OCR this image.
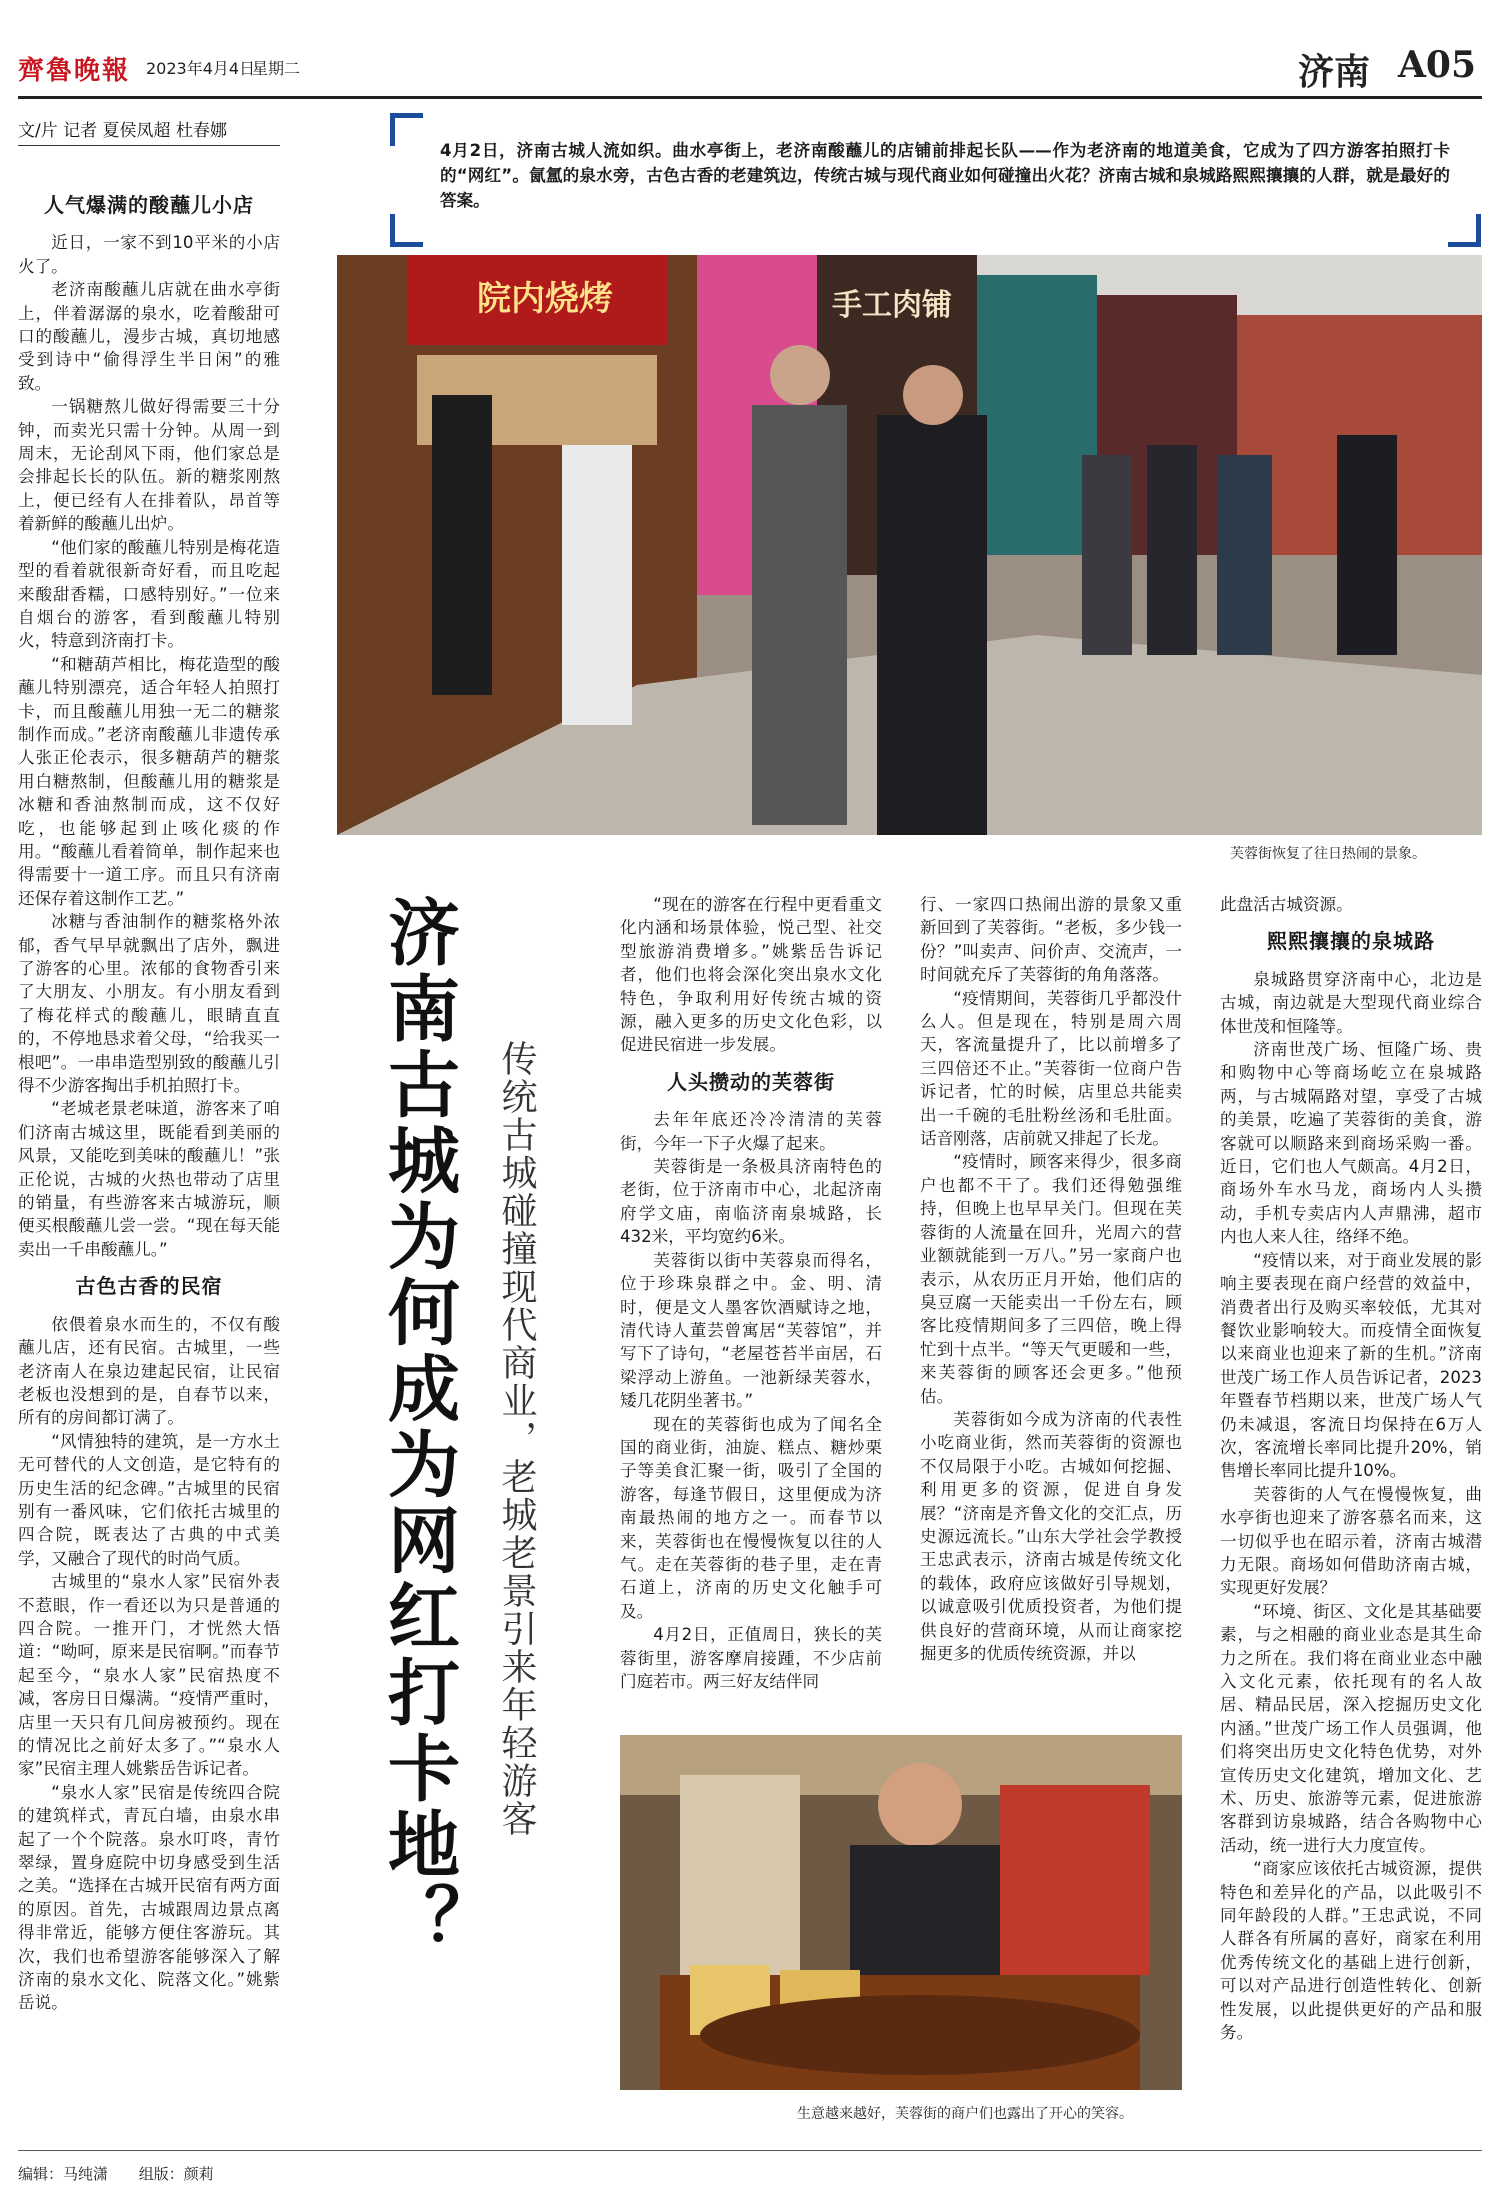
齊魯晚報 2023年4月4日
星期二	济南 A05
文/片 记者 夏侯凤超 杜春娜
4月2日，济南古城人流如织。曲水亭街上，老济南酸蘸儿的店铺前排起长队——作为老济南的地道美食，它成为了四方游客拍照打卡的“网红”。氤氲的泉水旁，古色古香的老建筑边，传统古城与现代商业如何碰撞出火花？济南古城和泉城路熙熙攘攘的人群，就是最好的答案。
院内烧烤	手工肉铺
芙蓉街恢复了往日热闹的景象。
济南古城为何成为网红打卡地？ 传统古城碰撞现代商业，老城老景引来年轻游客
人气爆满的酸蘸儿小店

近日，一家不到10平米的小店火了。

老济南酸蘸儿店就在曲水亭街上，伴着潺潺的泉水，吃着酸甜可口的酸蘸儿，漫步古城，真切地感受到诗中“偷得浮生半日闲”的雅致。

一锅糖熬儿做好得需要三十分钟，而卖光只需十分钟。从周一到周末，无论刮风下雨，他们家总是会排起长长的队伍。新的糖浆刚熬上，便已经有人在排着队，昂首等着新鲜的酸蘸儿出炉。

“他们家的酸蘸儿特别是梅花造型的看着就很新奇好看，而且吃起来酸甜香糯，口感特别好。”一位来自烟台的游客，看到酸蘸儿特别火，特意到济南打卡。

“和糖葫芦相比，梅花造型的酸蘸儿特别漂亮，适合年轻人拍照打卡，而且酸蘸儿用独一无二的糖浆制作而成。”老济南酸蘸儿非遗传承人张正伦表示，很多糖葫芦的糖浆用白糖熬制，但酸蘸儿用的糖浆是冰糖和香油熬制而成，这不仅好吃，也能够起到止咳化痰的作用。“酸蘸儿看着简单，制作起来也得需要十一道工序。而且只有济南还保存着这制作工艺。”

冰糖与香油制作的糖浆格外浓郁，香气早早就飘出了店外，飘进了游客的心里。浓郁的食物香引来了大朋友、小朋友。有小朋友看到了梅花样式的酸蘸儿，眼睛直直的，不停地恳求着父母，“给我买一根吧”。一串串造型别致的酸蘸儿引得不少游客掏出手机拍照打卡。

“老城老景老味道，游客来了咱们济南古城这里，既能看到美丽的风景，又能吃到美味的酸蘸儿！”张正伦说，古城的火热也带动了店里的销量，有些游客来古城游玩，顺便买根酸蘸儿尝一尝。“现在每天能卖出一千串酸蘸儿。”

古色古香的民宿

依偎着泉水而生的，不仅有酸蘸儿店，还有民宿。古城里，一些老济南人在泉边建起民宿，让民宿老板也没想到的是，自春节以来，所有的房间都订满了。

“风情独特的建筑，是一方水土无可替代的人文创造，是它特有的历史生活的纪念碑。”古城里的民宿别有一番风味，它们依托古城里的四合院，既表达了古典的中式美学，又融合了现代的时尚气质。

古城里的“泉水人家”民宿外表不惹眼，作一看还以为只是普通的四合院。一推开门，才恍然大悟道：“呦呵，原来是民宿啊。”而春节起至今，“泉水人家”民宿热度不减，客房日日爆满。“疫情严重时，店里一天只有几间房被预约。现在的情况比之前好太多了。”“泉水人家”民宿主理人姚紫岳告诉记者。

“泉水人家”民宿是传统四合院的建筑样式，青瓦白墙，由泉水串起了一个个院落。泉水叮咚，青竹翠绿，置身庭院中切身感受到生活之美。“选择在古城开民宿有两方面的原因。首先，古城跟周边景点离得非常近，能够方便住客游玩。其次，我们也希望游客能够深入了解济南的泉水文化、院落文化。”姚紫岳说。

“现在的游客在行程中更看重文化内涵和场景体验，悦己型、社交型旅游消费增多。”姚紫岳告诉记者，他们也将会深化突出泉水文化特色，争取利用好传统古城的资源，融入更多的历史文化色彩，以促进民宿进一步发展。

人头攒动的芙蓉街

去年年底还冷冷清清的芙蓉街，今年一下子火爆了起来。

芙蓉街是一条极具济南特色的老街，位于济南市中心，北起济南府学文庙，南临济南泉城路，长432米，平均宽约6米。

芙蓉街以街中芙蓉泉而得名，位于珍珠泉群之中。金、明、清时，便是文人墨客饮酒赋诗之地，清代诗人董芸曾寓居“芙蓉馆”，并写下了诗句，“老屋苍苔半亩居，石梁浮动上游鱼。一池新绿芙蓉水，矮几花阴坐著书。”

现在的芙蓉街也成为了闻名全国的商业街，油旋、糕点、糖炒栗子等美食汇聚一街，吸引了全国的游客，每逢节假日，这里便成为济南最热闹的地方之一。而春节以来，芙蓉街也在慢慢恢复以往的人气。走在芙蓉街的巷子里，走在青石道上，济南的历史文化触手可及。

4月2日，正值周日，狭长的芙蓉街里，游客摩肩接踵，不少店前门庭若市。两三好友结伴同

行、一家四口热闹出游的景象又重新回到了芙蓉街。“老板，多少钱一份？”叫卖声、问价声、交流声，一时间就充斥了芙蓉街的角角落落。

“疫情期间，芙蓉街几乎都没什么人。但是现在，特别是周六周天，客流量提升了，比以前增多了三四倍还不止。”芙蓉街一位商户告诉记者，忙的时候，店里总共能卖出一千碗的毛肚粉丝汤和毛肚面。话音刚落，店前就又排起了长龙。

“疫情时，顾客来得少，很多商户也都不干了。我们还得勉强维持，但晚上也早早关门。但现在芙蓉街的人流量在回升，光周六的营业额就能到一万八。”另一家商户也表示，从农历正月开始，他们店的臭豆腐一天能卖出一千份左右，顾客比疫情期间多了三四倍，晚上得忙到十点半。“等天气更暖和一些，来芙蓉街的顾客还会更多。”他预估。

芙蓉街如今成为济南的代表性小吃商业街，然而芙蓉街的资源也不仅局限于小吃。古城如何挖掘、利用更多的资源，促进自身发展？“济南是齐鲁文化的交汇点，历史源远流长。”山东大学社会学教授王忠武表示，济南古城是传统文化的载体，政府应该做好引导规划，以诚意吸引优质投资者，为他们提供良好的营商环境，从而让商家挖掘更多的优质传统资源，并以

此盘活古城资源。

熙熙攘攘的泉城路

泉城路贯穿济南中心，北边是古城，南边就是大型现代商业综合体世茂和恒隆等。

济南世茂广场、恒隆广场、贵和购物中心等商场屹立在泉城路两，与古城隔路对望，享受了古城的美景，吃遍了芙蓉街的美食，游客就可以顺路来到商场采购一番。近日，它们也人气颇高。4月2日，商场外车水马龙，商场内人头攒动，手机专卖店内人声鼎沸，超市内也人来人往，络绎不绝。

“疫情以来，对于商业发展的影响主要表现在商户经营的效益中，消费者出行及购买率较低，尤其对餐饮业影响较大。而疫情全面恢复以来商业也迎来了新的生机。”济南世茂广场工作人员告诉记者，2023年暨春节档期以来，世茂广场人气仍未减退，客流日均保持在6万人次，客流增长率同比提升20%，销售增长率同比提升10%。

芙蓉街的人气在慢慢恢复，曲水亭街也迎来了游客慕名而来，这一切似乎也在昭示着，济南古城潜力无限。商场如何借助济南古城，实现更好发展？

“环境、街区、文化是其基础要素，与之相融的商业业态是其生命力之所在。我们将在商业业态中融入文化元素，依托现有的名人故居、精品民居，深入挖掘历史文化内涵。”世茂广场工作人员强调，他们将突出历史文化特色优势，对外宣传历史文化建筑，增加文化、艺术、历史、旅游等元素，促进旅游客群到访泉城路，结合各购物中心活动，统一进行大力度宣传。

“商家应该依托古城资源，提供特色和差异化的产品，以此吸引不同年龄段的人群。”王忠武说，不同人群各有所属的喜好，商家在利用优秀传统文化的基础上进行创新，可以对产品进行创造性转化、创新性发展，以此提供更好的产品和服务。

生意越来越好，芙蓉街的商户们也露出了开心的笑容。
编辑：马纯潇 组版：颜莉
